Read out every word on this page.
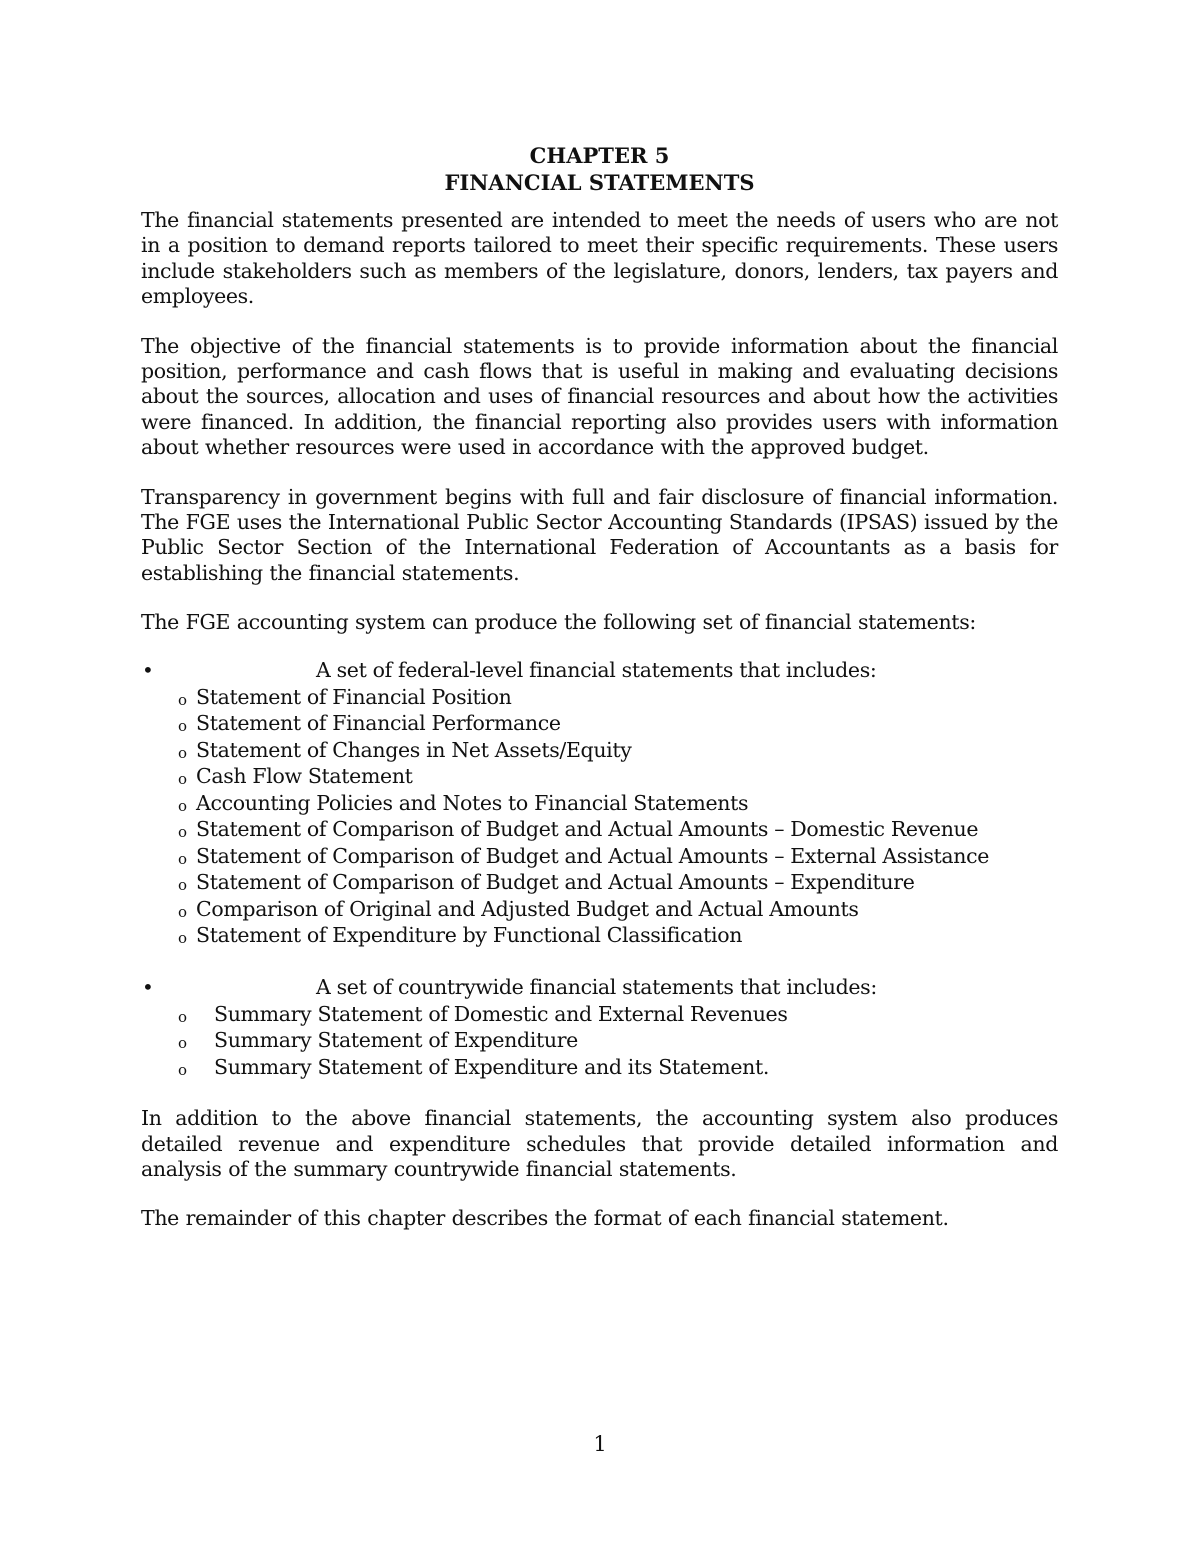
CHAPTER 5
FINANCIAL STATEMENTS

The financial statements presented are intended to meet the needs of users who are not in a position to demand reports tailored to meet their specific requirements. These users include stakeholders such as members of the legislature, donors, lenders, tax payers and employees.

The objective of the financial statements is to provide information about the financial position, performance and cash flows that is useful in making and evaluating decisions about the sources, allocation and uses of financial resources and about how the activities were financed. In addition, the financial reporting also provides users with information about whether resources were used in accordance with the approved budget.

Transparency in government begins with full and fair disclosure of financial information. The FGE uses the International Public Sector Accounting Standards (IPSAS) issued by the Public Sector Section of the International Federation of Accountants as a basis for establishing the financial statements.

The FGE accounting system can produce the following set of financial statements:

•	A set of federal-level financial statements that includes:
o Statement of Financial Position
o Statement of Financial Performance
o Statement of Changes in Net Assets/Equity
o Cash Flow Statement
o Accounting Policies and Notes to Financial Statements
o Statement of Comparison of Budget and Actual Amounts – Domestic Revenue
o Statement of Comparison of Budget and Actual Amounts – External Assistance
o Statement of Comparison of Budget and Actual Amounts – Expenditure
o Comparison of Original and Adjusted Budget and Actual Amounts
o Statement of Expenditure by Functional Classification
•	A set of countrywide financial statements that includes:
o Summary Statement of Domestic and External Revenues
o Summary Statement of Expenditure
o Summary Statement of Expenditure and its Statement.

In addition to the above financial statements, the accounting system also produces detailed revenue and expenditure schedules that provide detailed information and analysis of the summary countrywide financial statements.

The remainder of this chapter describes the format of each financial statement.

1
